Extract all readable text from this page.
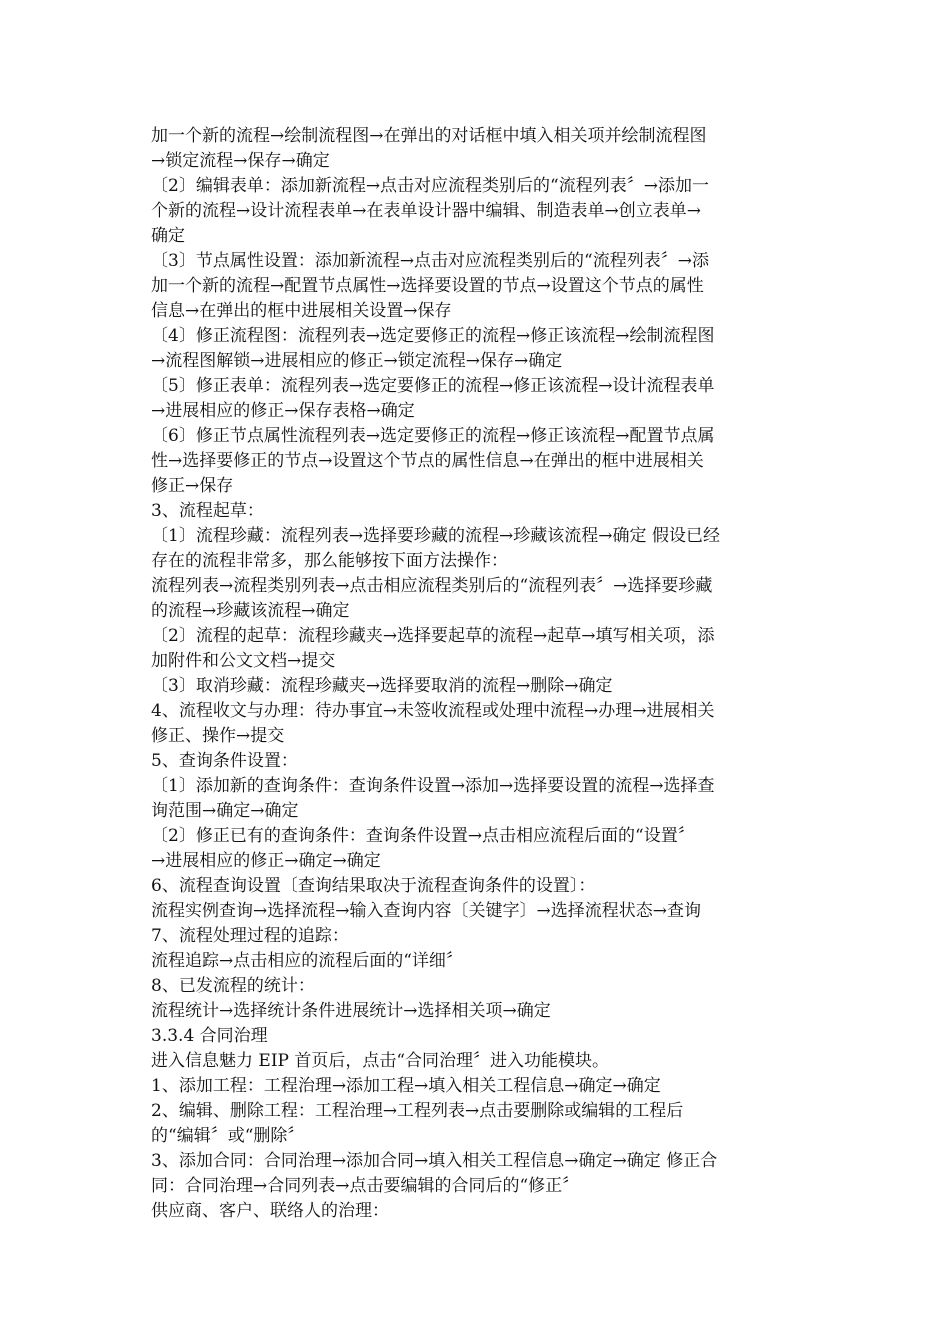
加一个新的流程→绘制流程图→在弹出的对话框中填入相关项并绘制流程图
→锁定流程→保存→确定
〔2〕编辑表单：添加新流程→点击对应流程类别后的“流程列表〞→添加一
个新的流程→设计流程表单→在表单设计器中编辑、制造表单→创立表单→
确定
〔3〕节点属性设置：添加新流程→点击对应流程类别后的“流程列表〞→添
加一个新的流程→配置节点属性→选择要设置的节点→设置这个节点的属性
信息→在弹出的框中进展相关设置→保存
〔4〕修正流程图：流程列表→选定要修正的流程→修正该流程→绘制流程图
→流程图解锁→进展相应的修正→锁定流程→保存→确定
〔5〕修正表单：流程列表→选定要修正的流程→修正该流程→设计流程表单
→进展相应的修正→保存表格→确定
〔6〕修正节点属性流程列表→选定要修正的流程→修正该流程→配置节点属
性→选择要修正的节点→设置这个节点的属性信息→在弹出的框中进展相关
修正→保存
3、流程起草：
〔1〕流程珍藏：流程列表→选择要珍藏的流程→珍藏该流程→确定 假设已经
存在的流程非常多，那么能够按下面方法操作：
流程列表→流程类别列表→点击相应流程类别后的“流程列表〞→选择要珍藏
的流程→珍藏该流程→确定
〔2〕流程的起草：流程珍藏夹→选择要起草的流程→起草→填写相关项，添
加附件和公文文档→提交
〔3〕取消珍藏：流程珍藏夹→选择要取消的流程→删除→确定
4、流程收文与办理：待办事宜→未签收流程或处理中流程→办理→进展相关
修正、操作→提交
5、查询条件设置：
〔1〕添加新的查询条件：查询条件设置→添加→选择要设置的流程→选择查
询范围→确定→确定
〔2〕修正已有的查询条件：查询条件设置→点击相应流程后面的“设置〞
→进展相应的修正→确定→确定
6、流程查询设置〔查询结果取决于流程查询条件的设置〕：
流程实例查询→选择流程→输入查询内容〔关键字〕→选择流程状态→查询
7、流程处理过程的追踪：
流程追踪→点击相应的流程后面的“详细〞
8、已发流程的统计：
流程统计→选择统计条件进展统计→选择相关项→确定
3.3.4 合同治理
进入信息魅力 EIP 首页后，点击“合同治理〞进入功能模块。
1、添加工程：工程治理→添加工程→填入相关工程信息→确定→确定
2、编辑、删除工程：工程治理→工程列表→点击要删除或编辑的工程后
的“编辑〞或“删除〞
3、添加合同：合同治理→添加合同→填入相关工程信息→确定→确定 修正合
同：合同治理→合同列表→点击要编辑的合同后的“修正〞
供应商、客户、联络人的治理：
